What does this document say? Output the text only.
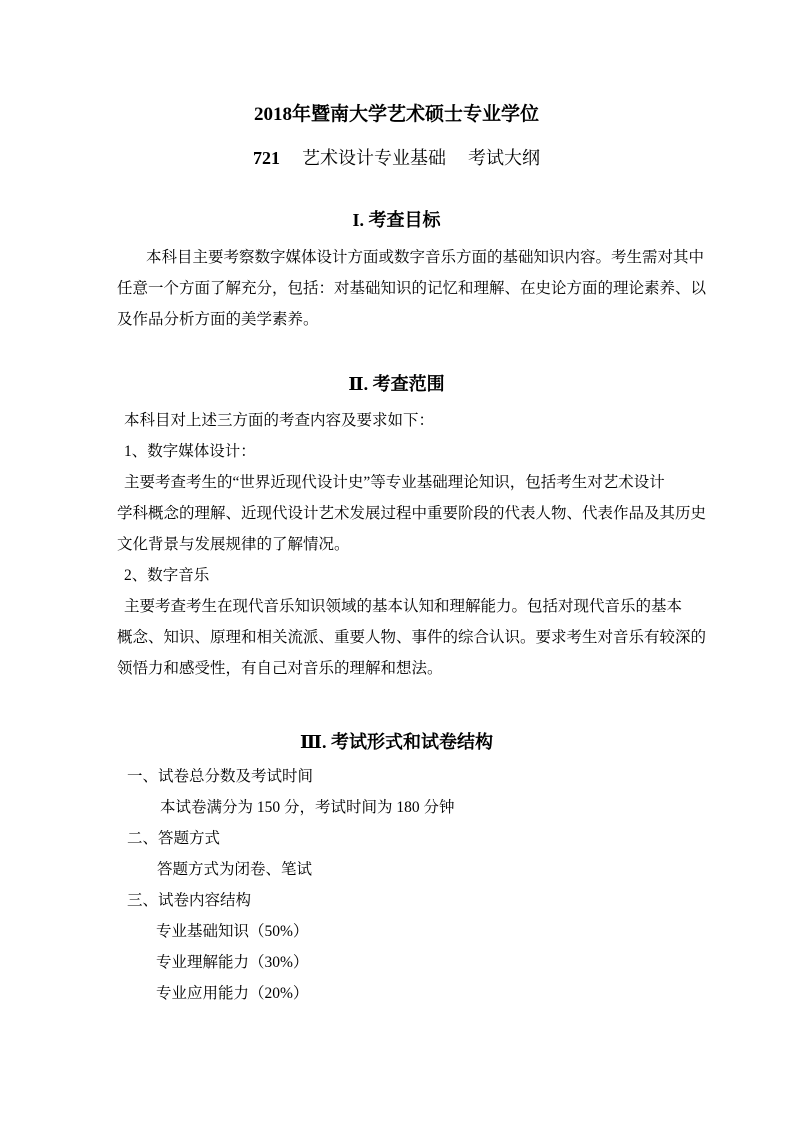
2018年暨南大学艺术硕士专业学位
721 艺术设计专业基础 考试大纲
I. 考查目标
本科目主要考察数字媒体设计方面或数字音乐方面的基础知识内容。考生需对其中
任意一个方面了解充分，包括：对基础知识的记忆和理解、在史论方面的理论素养、以
及作品分析方面的美学素养。
Ⅱ. 考查范围
本科目对上述三方面的考查内容及要求如下：
1、数字媒体设计：
主要考查考生的“世界近现代设计史”等专业基础理论知识，包括考生对艺术设计
学科概念的理解、近现代设计艺术发展过程中重要阶段的代表人物、代表作品及其历史
文化背景与发展规律的了解情况。
2、数字音乐
主要考查考生在现代音乐知识领域的基本认知和理解能力。包括对现代音乐的基本
概念、知识、原理和相关流派、重要人物、事件的综合认识。要求考生对音乐有较深的
领悟力和感受性，有自己对音乐的理解和想法。
Ⅲ. 考试形式和试卷结构
一、试卷总分数及考试时间
本试卷满分为 150 分，考试时间为 180 分钟
二、答题方式
答题方式为闭卷、笔试
三、试卷内容结构
专业基础知识（50%）
专业理解能力（30%）
专业应用能力（20%）
